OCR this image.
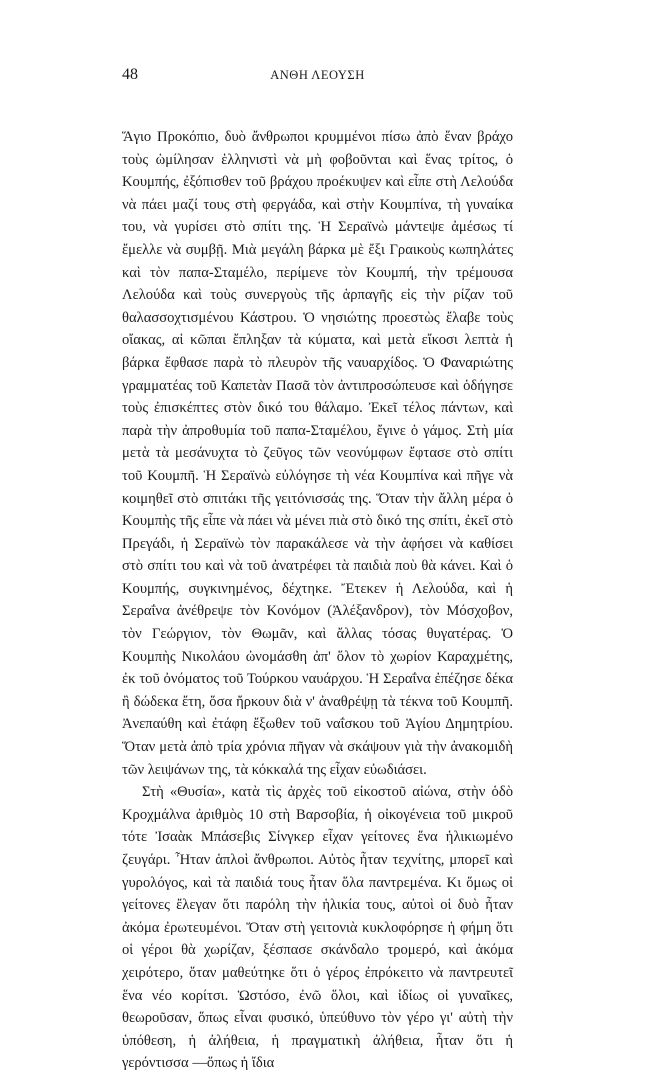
48	ΑΝΘΗ ΛΕΟΥΣΗ

Ἅγιο Προκόπιο, δυὸ ἄνθρωποι κρυμμένοι πίσω ἀπὸ ἕναν βράχο τοὺς ὡμίλησαν ἑλληνιστὶ νὰ μὴ φοβοῦνται καὶ ἕνας τρίτος, ὁ Κουμπής, ἐξόπισθεν τοῦ βράχου προέκυψεν καὶ εἶπε στὴ Λελούδα νὰ πάει μαζί τους στὴ φεργάδα, καὶ στὴν Κουμπίνα, τὴ γυναίκα του, νὰ γυρίσει στὸ σπίτι της. Ἡ Σεραϊνὼ μάντεψε ἀμέσως τί ἔμελλε νὰ συμβῇ. Μιὰ μεγάλη βάρκα μὲ ἔξι Γραικοὺς κωπηλάτες καὶ τὸν παπα-Σταμέλο, περίμενε τὸν Κουμπή, τὴν τρέμουσα Λελούδα καὶ τοὺς συνεργοὺς τῆς ἁρπαγῆς εἰς τὴν ρίζαν τοῦ θαλασσοχτισμένου Κάστρου. Ὁ νησιώτης προεστὼς ἔλαβε τοὺς οἴακας, αἱ κῶπαι ἔπληξαν τὰ κύματα, καὶ μετὰ εἴκοσι λεπτὰ ἡ βάρκα ἔφθασε παρὰ τὸ πλευρὸν τῆς ναυαρχίδος. Ὁ Φαναριώτης γραμματέας τοῦ Καπετὰν Πασᾶ τὸν ἀντιπροσώπευσε καὶ ὁδήγησε τοὺς ἐπισκέπτες στὸν δικό του θάλαμο. Ἐκεῖ τέλος πάντων, καὶ παρὰ τὴν ἀπροθυμία τοῦ παπα-Σταμέλου, ἔγινε ὁ γάμος. Στὴ μία μετὰ τὰ μεσάνυχτα τὸ ζεῦγος τῶν νεονύμφων ἔφτασε στὸ σπίτι τοῦ Κουμπῆ. Ἡ Σεραϊνὼ εὐλόγησε τὴ νέα Κουμπίνα καὶ πῆγε νὰ κοιμηθεῖ στὸ σπιτάκι τῆς γειτόνισσάς της. Ὅταν τὴν ἄλλη μέρα ὁ Κουμπὴς τῆς εἶπε νὰ πάει νὰ μένει πιὰ στὸ δικό της σπίτι, ἐκεῖ στὸ Πρεγάδι, ἡ Σεραϊνὼ τὸν παρακάλεσε νὰ τὴν ἀφήσει νὰ καθίσει στὸ σπίτι του καὶ νὰ τοῦ ἀνατρέφει τὰ παιδιὰ ποὺ θὰ κάνει. Καὶ ὁ Κουμπής, συγκινημένος, δέχτηκε. Ἔτεκεν ἡ Λελούδα, καὶ ἡ Σεραΐνα ἀνέθρεψε τὸν Κονόμον (Ἀλέξανδρον), τὸν Μόσχοβον, τὸν Γεώργιον, τὸν Θωμᾶν, καὶ ἄλλας τόσας θυγατέρας. Ὁ Κουμπὴς Νικολάου ὠνομάσθη ἀπ' ὅλον τὸ χωρίον Καραχμέτης, ἐκ τοῦ ὀνόματος τοῦ Τούρκου ναυάρχου. Ἡ Σεραΐνα ἐπέζησε δέκα ἢ δώδεκα ἔτη, ὅσα ἤρκουν διὰ ν' ἀναθρέψῃ τὰ τέκνα τοῦ Κουμπῆ. Ἀνεπαύθη καὶ ἐτάφη ἔξωθεν τοῦ ναΐσκου τοῦ Ἁγίου Δημητρίου. Ὅταν μετὰ ἀπὸ τρία χρόνια πῆγαν νὰ σκάψουν γιὰ τὴν ἀνακομιδὴ τῶν λειψάνων της, τὰ κόκκαλά της εἶχαν εὐωδιάσει.

Στὴ «Θυσία», κατὰ τὶς ἀρχὲς τοῦ εἰκοστοῦ αἰώνα, στὴν ὁδὸ Κροχμάλνα ἀριθμὸς 10 στὴ Βαρσοβία, ἡ οἰκογένεια τοῦ μικροῦ τότε Ἰσαὰκ Μπάσεβις Σίνγκερ εἶχαν γείτονες ἕνα ἡλικιωμένο ζευγάρι. Ἦταν ἁπλοὶ ἄνθρωποι. Αὐτὸς ἦταν τεχνίτης, μπορεῖ καὶ γυρολόγος, καὶ τὰ παιδιά τους ἦταν ὅλα παντρεμένα. Κι ὅμως οἱ γείτονες ἔλεγαν ὅτι παρόλη τὴν ἡλικία τους, αὐτοὶ οἱ δυὸ ἦταν ἀκόμα ἐρωτευμένοι. Ὅταν στὴ γειτονιὰ κυκλοφόρησε ἡ φήμη ὅτι οἱ γέροι θὰ χωρίζαν, ξέσπασε σκάνδαλο τρομερό, καὶ ἀκόμα χειρότερο, ὅταν μαθεύτηκε ὅτι ὁ γέρος ἐπρόκειτο νὰ παντρευτεῖ ἕνα νέο κορίτσι. Ὡστόσο, ἐνῶ ὅλοι, καὶ ἰδίως οἱ γυναῖκες, θεωροῦσαν, ὅπως εἶναι φυσικό, ὑπεύθυνο τὸν γέρο γι' αὐτὴ τὴν ὑπόθεση, ἡ ἀλήθεια, ἡ πραγματικὴ ἀλήθεια, ἦταν ὅτι ἡ γερόντισσα —ὅπως ἡ ἴδια
